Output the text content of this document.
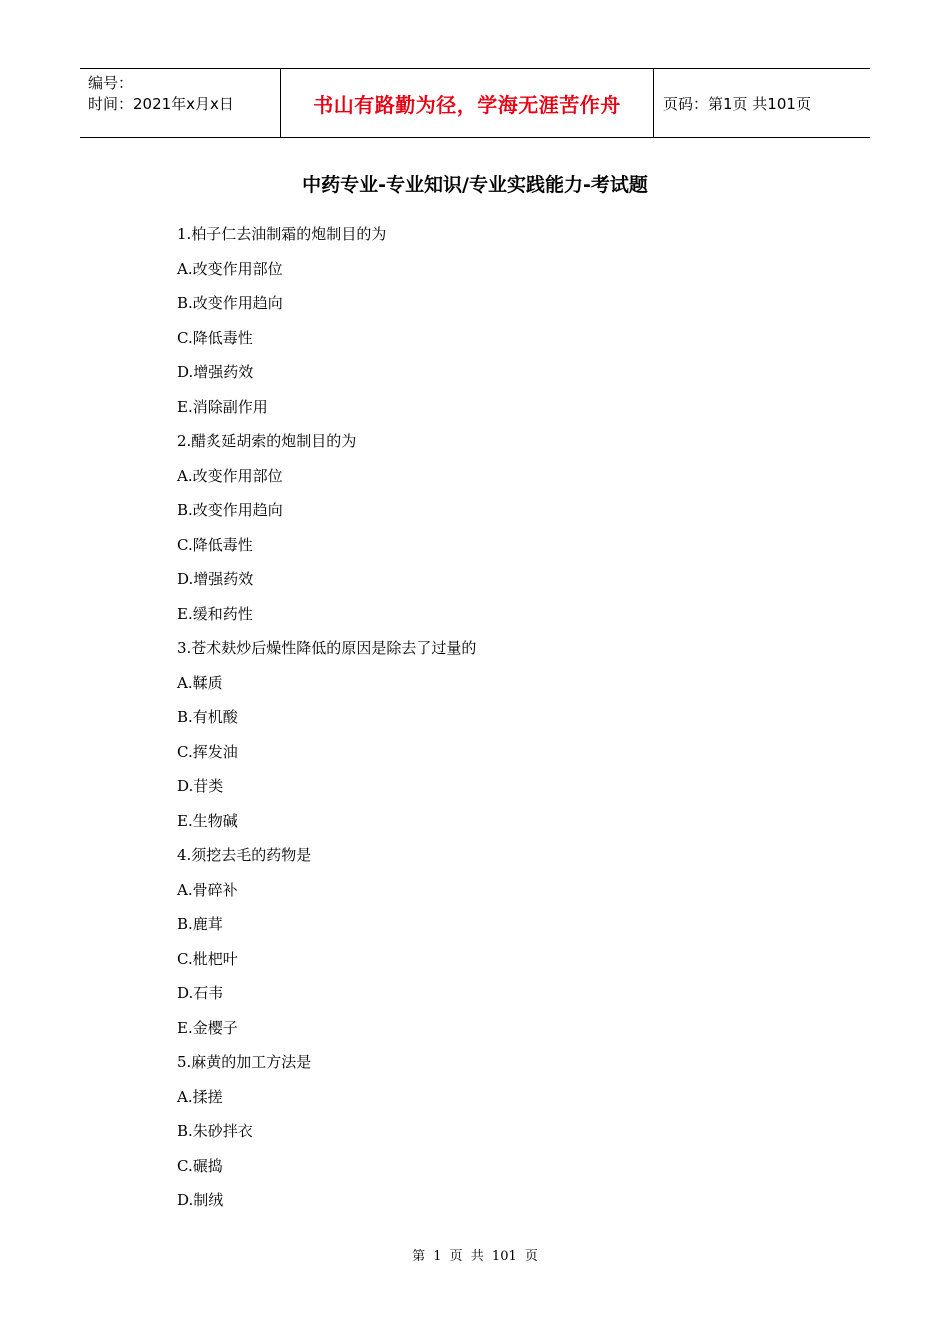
编号：
时间：2021年x月x日	书山有路勤为径，学海无涯苦作舟	页码：第1页 共101页
中药专业-专业知识/专业实践能力-考试题
1.柏子仁去油制霜的炮制目的为
A.改变作用部位
B.改变作用趋向
C.降低毒性
D.增强药效
E.消除副作用
2.醋炙延胡索的炮制目的为
A.改变作用部位
B.改变作用趋向
C.降低毒性
D.增强药效
E.缓和药性
3.苍术麸炒后燥性降低的原因是除去了过量的
A.鞣质
B.有机酸
C.挥发油
D.苷类
E.生物碱
4.须挖去毛的药物是
A.骨碎补
B.鹿茸
C.枇杷叶
D.石韦
E.金樱子
5.麻黄的加工方法是
A.揉搓
B.朱砂拌衣
C.碾捣
D.制绒
第 1 页 共 101 页
